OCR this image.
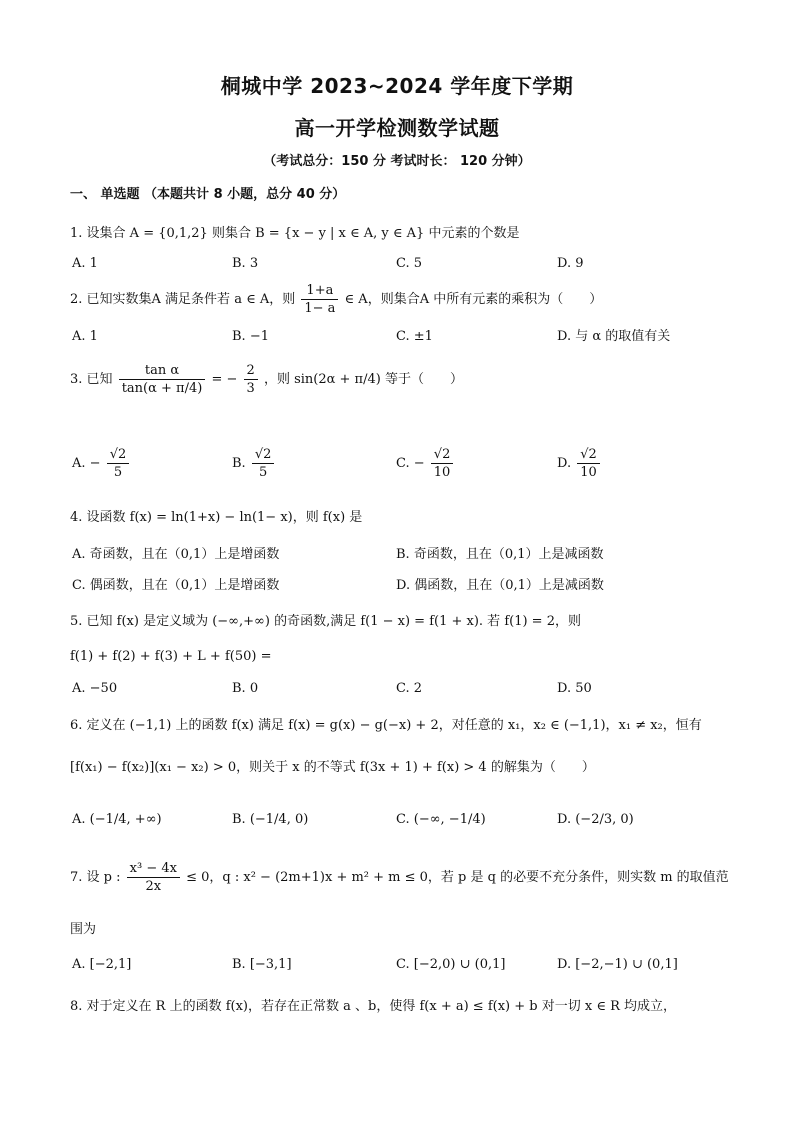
桐城中学 2023~2024 学年度下学期
高一开学检测数学试题
（考试总分：150 分 考试时长： 120 分钟）
一、 单选题 （本题共计 8 小题，总分 40 分）
1. 设集合 A = {0,1,2} 则集合 B = {x − y | x ∈ A, y ∈ A} 中元素的个数是
A. 1	B. 3	C. 5	D. 9
2. 已知实数集A 满足条件若 a ∈ A，则 $\frac{1+a}{1- a}$ ∈ A，则集合A 中所有元素的乘积为（　　）
A. 1	B. −1	C. ±1	D. 与 α 的取值有关
3. 已知 $\frac{\text{tan α}}{\tan(\alpha + \pi/4)}$ = − $\frac{2}{3}$ ，则 sin(2α + π/4) 等于（　　）
A. − $\frac{√2}{5}$	B. $\frac{√2}{5}$	C. − $\frac{√2}{10}$	D. $\frac{√2}{10}$
4. 设函数 f(x) = ln(1+x) − ln(1− x)，则 f(x) 是
A. 奇函数，且在（0,1）上是增函数	B. 奇函数，且在（0,1）上是减函数
C. 偶函数，且在（0,1）上是增函数	D. 偶函数，且在（0,1）上是减函数
5. 已知 f(x) 是定义域为 (−∞,+∞) 的奇函数,满足 f(1 − x) = f(1 + x). 若 f(1) = 2，则
f(1) + f(2) + f(3) + L + f(50) =
A. −50	B. 0	C. 2	D. 50
6. 定义在 (−1,1) 上的函数 f(x) 满足 f(x) = g(x) − g(−x) + 2，对任意的 x₁，x₂ ∈ (−1,1)，x₁ ≠ x₂，恒有
[f(x₁) − f(x₂)](x₁ − x₂) > 0，则关于 x 的不等式 f(3x + 1) + f(x) > 4 的解集为（　　）
A. (−1/4, +∞)	B. (−1/4, 0)	C. (−∞, −1/4)	D. (−2/3, 0)
7. 设 p : $\frac{\text{x³ − 4x}}{2x} \le 0$，q : x² − (2m+1)x + m² + m ≤ 0，若 p 是 q 的必要不充分条件，则实数 m 的取值范
围为
A. [−2,1]	B. [−3,1]	C. [−2,0) ∪ (0,1]	D. [−2,−1) ∪ (0,1]
8. 对于定义在 R 上的函数 f(x)，若存在正常数 a 、b，使得 f(x + a) ≤ f(x) + b 对一切 x ∈ R 均成立，
